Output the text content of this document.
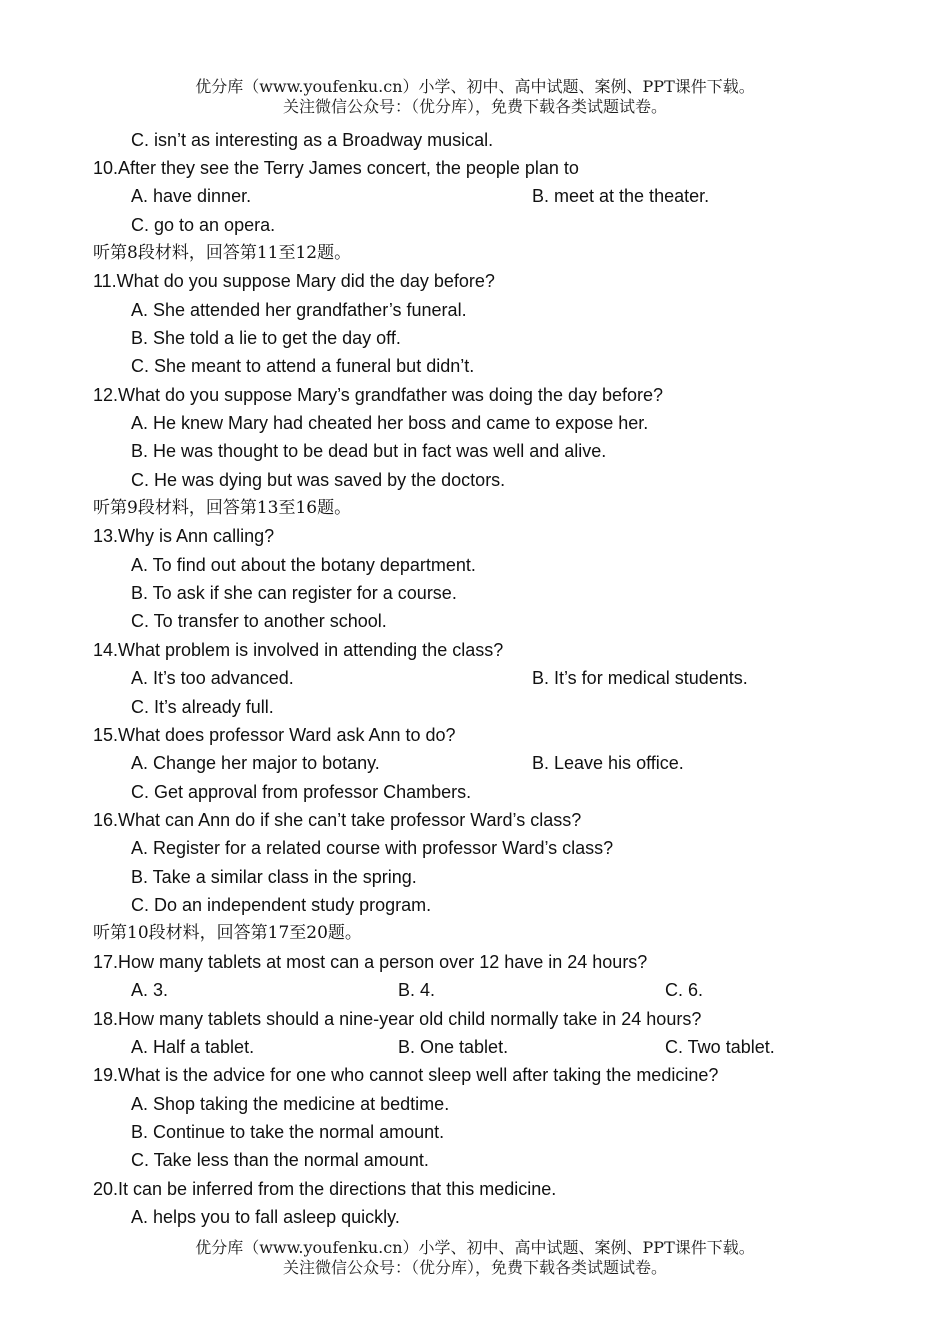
优分库（www.youfenku.cn）小学、初中、高中试题、案例、PPT课件下载。
关注微信公众号：（优分库），免费下载各类试题试卷。
C. isn’t as interesting as a Broadway musical.
10.After they see the Terry James concert, the people plan to
A. have dinner.	B. meet at the theater.
C. go to an opera.
听第8段材料，回答第11至12题。
11.What do you suppose Mary did the day before?
A. She attended her grandfather’s funeral.
B. She told a lie to get the day off.
C. She meant to attend a funeral but didn’t.
12.What do you suppose Mary’s grandfather was doing the day before?
A. He knew Mary had cheated her boss and came to expose her.
B. He was thought to be dead but in fact was well and alive.
C. He was dying but was saved by the doctors.
听第9段材料，回答第13至16题。
13.Why is Ann calling?
A. To find out about the botany department.
B. To ask if she can register for a course.
C. To transfer to another school.
14.What problem is involved in attending the class?
A. It’s too advanced.	B. It’s for medical students.
C. It’s already full.
15.What does professor Ward ask Ann to do?
A. Change her major to botany.	B. Leave his office.
C. Get approval from professor Chambers.
16.What can Ann do if she can’t take professor Ward’s class?
A. Register for a related course with professor Ward’s class?
B. Take a similar class in the spring.
C. Do an independent study program.
听第10段材料，回答第17至20题。
17.How many tablets at most can a person over 12 have in 24 hours?
A. 3.	B. 4.	C. 6.
18.How many tablets should a nine-year old child normally take in 24 hours?
A. Half a tablet.	B. One tablet.	C. Two tablet.
19.What is the advice for one who cannot sleep well after taking the medicine?
A. Shop taking the medicine at bedtime.
B. Continue to take the normal amount.
C. Take less than the normal amount.
20.It can be inferred from the directions that this medicine.
A. helps you to fall asleep quickly.
优分库（www.youfenku.cn）小学、初中、高中试题、案例、PPT课件下载。
关注微信公众号：（优分库），免费下载各类试题试卷。
